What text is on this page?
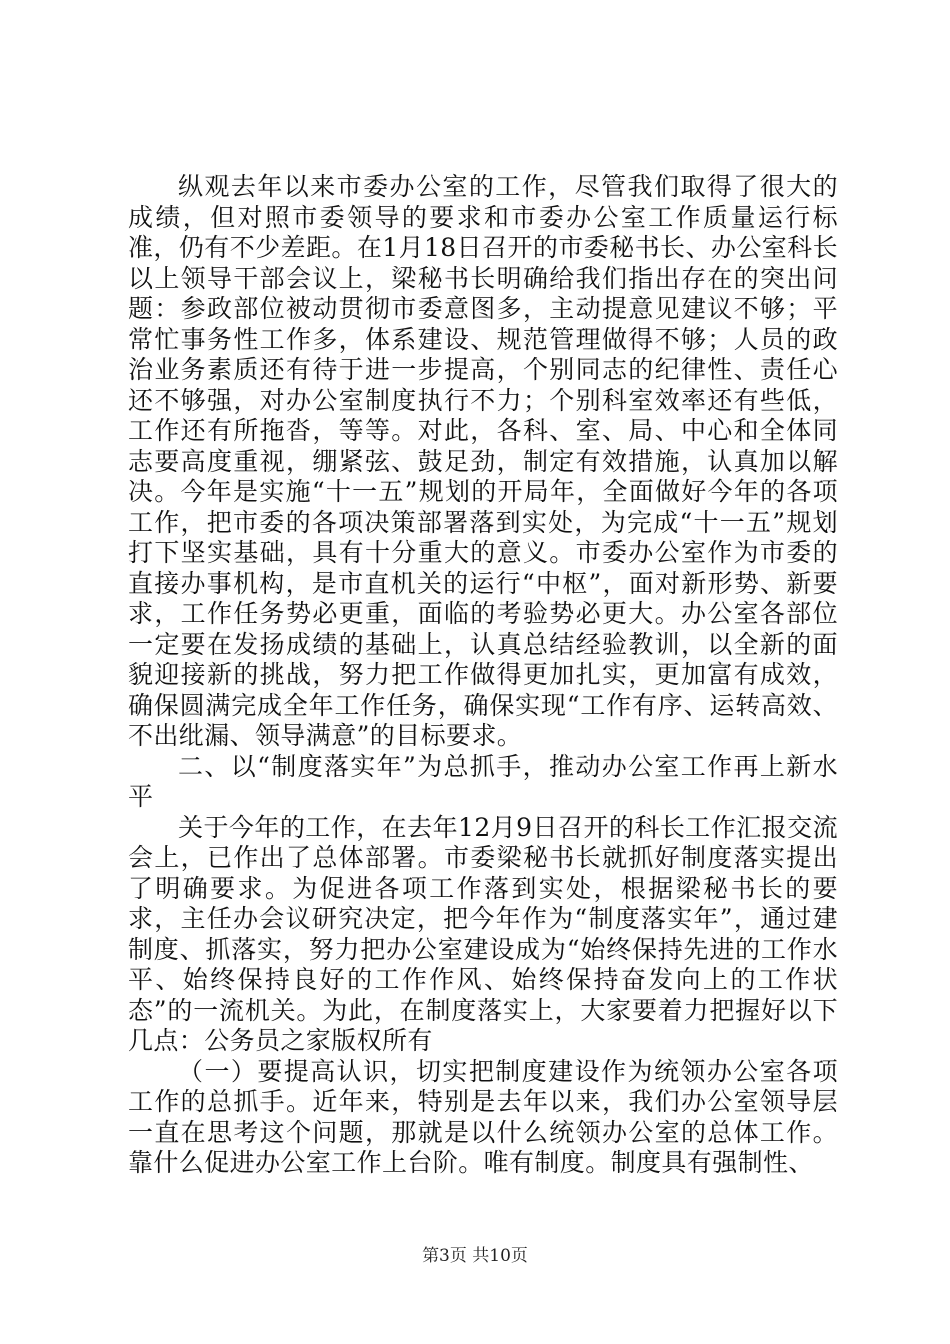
纵观去年以来市委办公室的工作，尽管我们取得了很大的成绩，但对照市委领导的要求和市委办公室工作质量运行标准，仍有不少差距。在1月18日召开的市委秘书长、办公室科长以上领导干部会议上，梁秘书长明确给我们指出存在的突出问题：参政部位被动贯彻市委意图多，主动提意见建议不够；平常忙事务性工作多，体系建设、规范管理做得不够；人员的政治业务素质还有待于进一步提高，个别同志的纪律性、责任心还不够强，对办公室制度执行不力；个别科室效率还有些低，工作还有所拖沓，等等。对此，各科、室、局、中心和全体同志要高度重视，绷紧弦、鼓足劲，制定有效措施，认真加以解决。今年是实施“十一五”规划的开局年，全面做好今年的各项工作，把市委的各项决策部署落到实处，为完成“十一五”规划打下坚实基础，具有十分重大的意义。市委办公室作为市委的直接办事机构，是市直机关的运行“中枢”，面对新形势、新要求，工作任务势必更重，面临的考验势必更大。办公室各部位一定要在发扬成绩的基础上，认真总结经验教训，以全新的面貌迎接新的挑战，努力把工作做得更加扎实，更加富有成效，确保圆满完成全年工作任务，确保实现“工作有序、运转高效、不出纰漏、领导满意”的目标要求。

二、以“制度落实年”为总抓手，推动办公室工作再上新水平

关于今年的工作，在去年12月9日召开的科长工作汇报交流会上，已作出了总体部署。市委梁秘书长就抓好制度落实提出了明确要求。为促进各项工作落到实处，根据梁秘书长的要求，主任办会议研究决定，把今年作为“制度落实年”，通过建制度、抓落实，努力把办公室建设成为“始终保持先进的工作水平、始终保持良好的工作作风、始终保持奋发向上的工作状态”的一流机关。为此，在制度落实上，大家要着力把握好以下几点：公务员之家版权所有

（一）要提高认识，切实把制度建设作为统领办公室各项工作的总抓手。近年来，特别是去年以来，我们办公室领导层一直在思考这个问题，那就是以什么统领办公室的总体工作。靠什么促进办公室工作上台阶。唯有制度。制度具有强制性、

第3页 共10页
